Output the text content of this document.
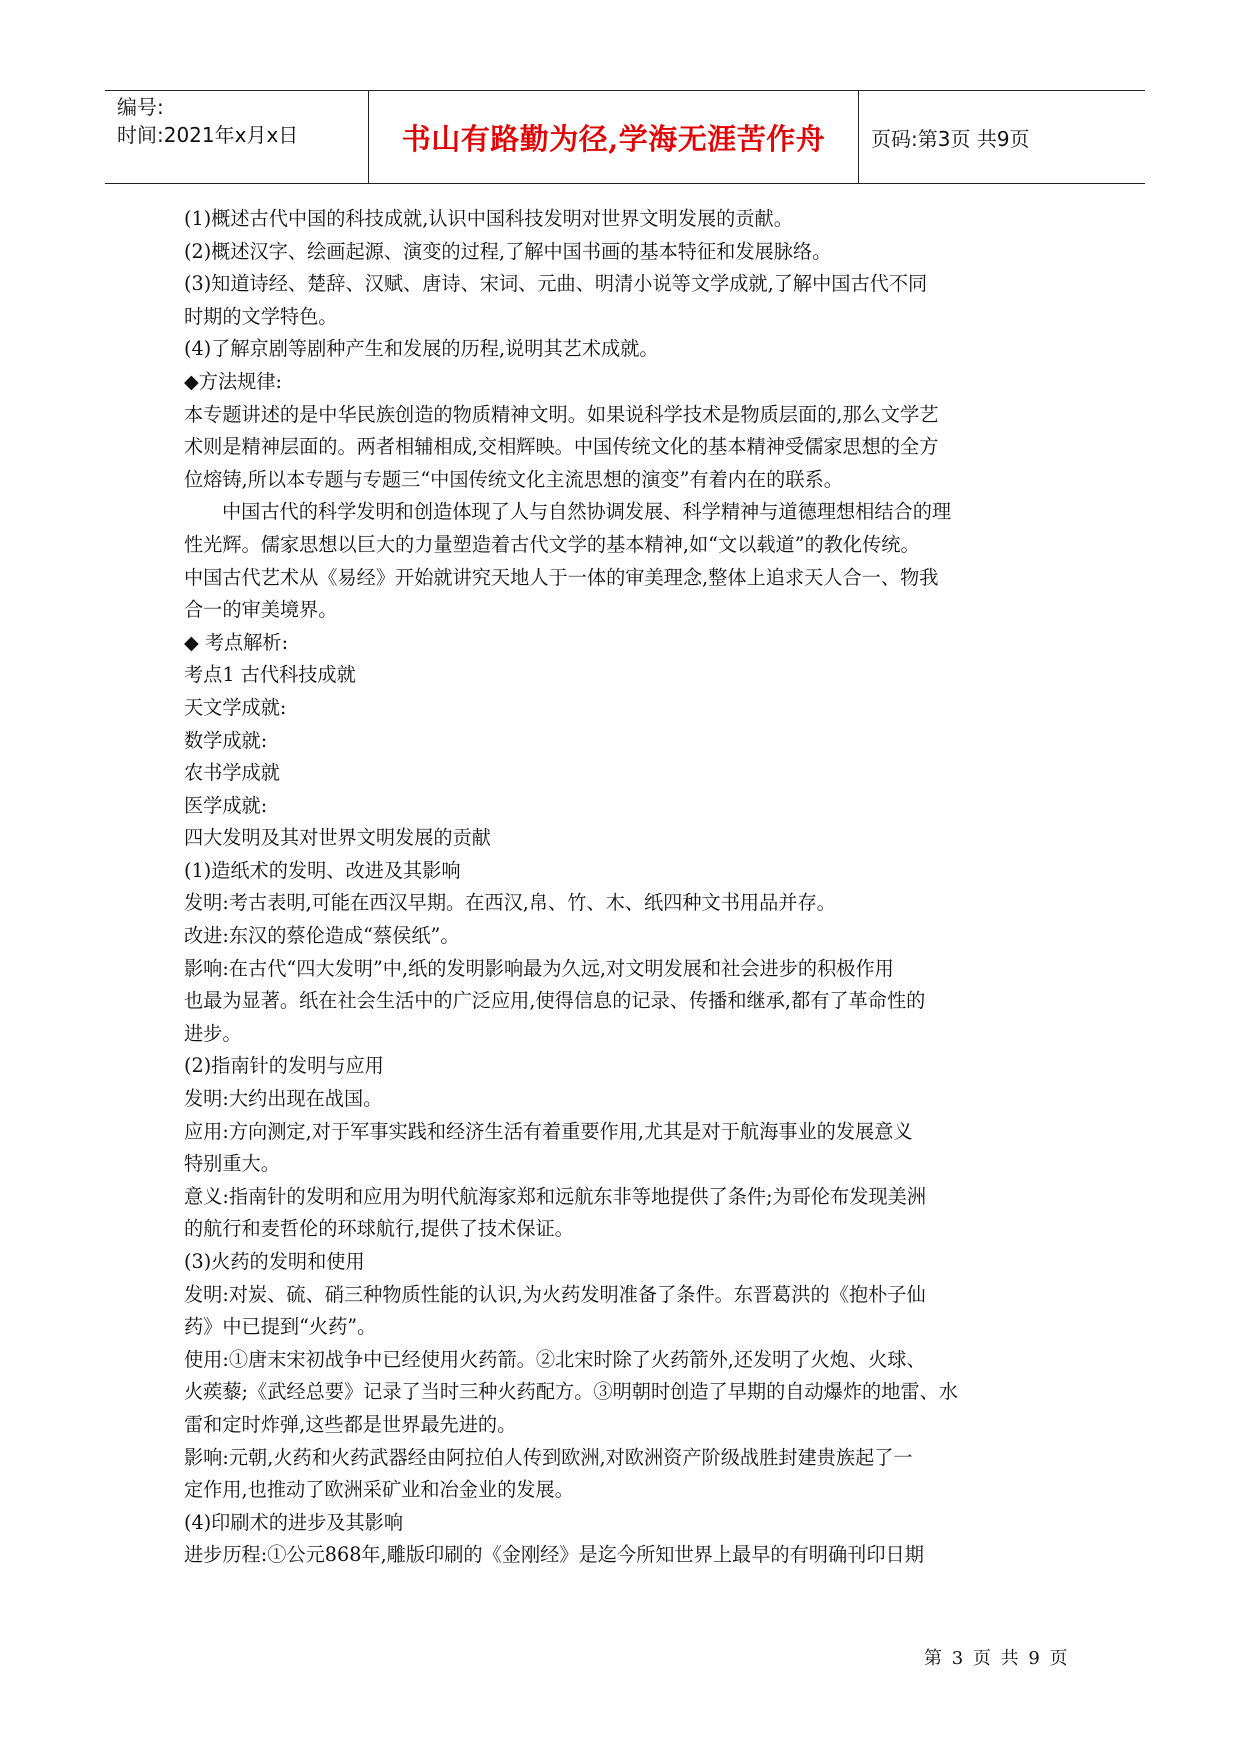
编号:
时间:2021年x月x日	书山有路勤为径,学海无涯苦作舟	页码:第3页 共9页
(1)概述古代中国的科技成就,认识中国科技发明对世界文明发展的贡献。
(2)概述汉字、绘画起源、演变的过程,了解中国书画的基本特征和发展脉络。
(3)知道诗经、楚辞、汉赋、唐诗、宋词、元曲、明清小说等文学成就,了解中国古代不同
时期的文学特色。
(4)了解京剧等剧种产生和发展的历程,说明其艺术成就。
◆方法规律:
本专题讲述的是中华民族创造的物质精神文明。如果说科学技术是物质层面的,那么文学艺
术则是精神层面的。两者相辅相成,交相辉映。中国传统文化的基本精神受儒家思想的全方
位熔铸,所以本专题与专题三“中国传统文化主流思想的演变”有着内在的联系。
中国古代的科学发明和创造体现了人与自然协调发展、科学精神与道德理想相结合的理
性光辉。儒家思想以巨大的力量塑造着古代文学的基本精神,如“文以载道”的教化传统。
中国古代艺术从《易经》开始就讲究天地人于一体的审美理念,整体上追求天人合一、物我
合一的审美境界。
◆ 考点解析:
考点1 古代科技成就
天文学成就:
数学成就:
农书学成就
医学成就:
四大发明及其对世界文明发展的贡献
(1)造纸术的发明、改进及其影响
发明:考古表明,可能在西汉早期。在西汉,帛、竹、木、纸四种文书用品并存。
改进:东汉的蔡伦造成“蔡侯纸”。
影响:在古代“四大发明”中,纸的发明影响最为久远,对文明发展和社会进步的积极作用
也最为显著。纸在社会生活中的广泛应用,使得信息的记录、传播和继承,都有了革命性的
进步。
(2)指南针的发明与应用
发明:大约出现在战国。
应用:方向测定,对于军事实践和经济生活有着重要作用,尤其是对于航海事业的发展意义
特别重大。
意义:指南针的发明和应用为明代航海家郑和远航东非等地提供了条件;为哥伦布发现美洲
的航行和麦哲伦的环球航行,提供了技术保证。
(3)火药的发明和使用
发明:对炭、硫、硝三种物质性能的认识,为火药发明准备了条件。东晋葛洪的《抱朴子仙
药》中已提到“火药”。
使用:①唐末宋初战争中已经使用火药箭。②北宋时除了火药箭外,还发明了火炮、火球、
火蒺藜;《武经总要》记录了当时三种火药配方。③明朝时创造了早期的自动爆炸的地雷、水
雷和定时炸弹,这些都是世界最先进的。
影响:元朝,火药和火药武器经由阿拉伯人传到欧洲,对欧洲资产阶级战胜封建贵族起了一
定作用,也推动了欧洲采矿业和冶金业的发展。
(4)印刷术的进步及其影响
进步历程:①公元868年,雕版印刷的《金刚经》是迄今所知世界上最早的有明确刊印日期
第 3 页 共 9 页
